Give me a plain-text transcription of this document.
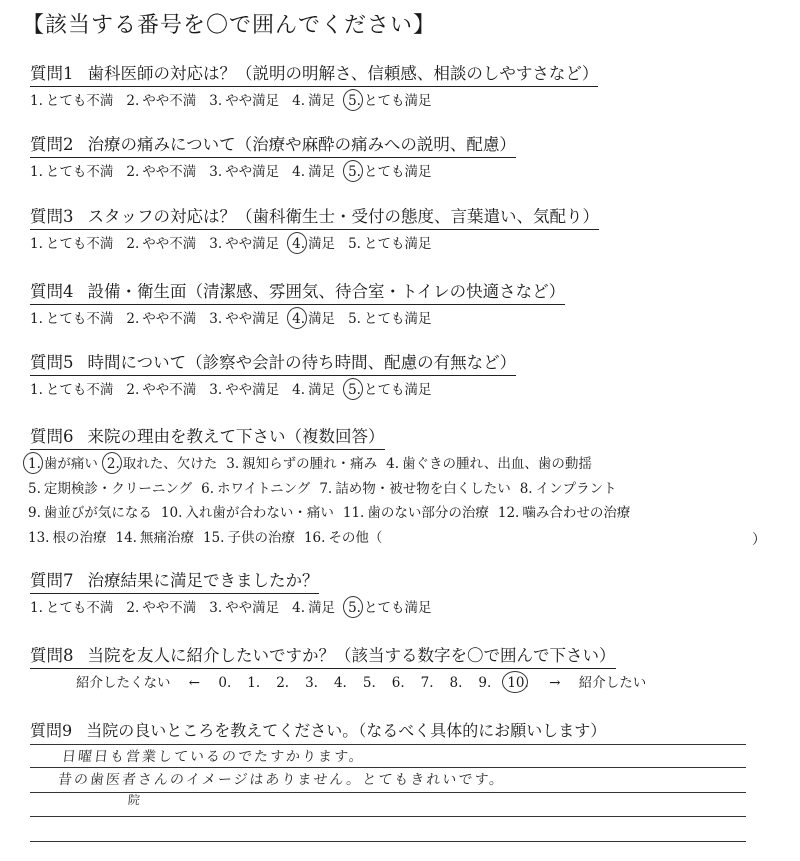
【該当する番号を〇で囲んでください】
質問1 歯科医師の対応は？（説明の明解さ、信頼感、相談のしやすさなど）
1. とても不満 2. やや不満 3. やや満足 4. 満足 5. とても満足
質問2 治療の痛みについて（治療や麻酔の痛みへの説明、配慮）
1. とても不満 2. やや不満 3. やや満足 4. 満足 5. とても満足
質問3 スタッフの対応は？（歯科衛生士・受付の態度、言葉遣い、気配り）
1. とても不満 2. やや不満 3. やや満足 4. 満足 5. とても満足
質問4 設備・衛生面（清潔感、雰囲気、待合室・トイレの快適さなど）
1. とても不満 2. やや不満 3. やや満足 4. 満足 5. とても満足
質問5 時間について（診察や会計の待ち時間、配慮の有無など）
1. とても不満 2. やや不満 3. やや満足 4. 満足 5. とても満足
質問6 来院の理由を教えて下さい（複数回答）
1. 歯が痛い 2. 取れた、欠けた 3. 親知らずの腫れ・痛み 4. 歯ぐきの腫れ、出血、歯の動揺
5. 定期検診・クリーニング 6. ホワイトニング 7. 詰め物・被せ物を白くしたい 8. インプラント
9. 歯並びが気になる 10. 入れ歯が合わない・痛い 11. 歯のない部分の治療 12. 噛み合わせの治療
13. 根の治療 14. 無痛治療 15. 子供の治療 16. その他（	）
質問7 治療結果に満足できましたか？
1. とても不満 2. やや不満 3. やや満足 4. 満足 5. とても満足
質問8 当院を友人に紹介したいですか？（該当する数字を〇で囲んで下さい）
紹介したくない ← 0. 1. 2. 3. 4. 5. 6. 7. 8. 9. 10. → 紹介したい
質問9 当院の良いところを教えてください。（なるべく具体的にお願いします）
日曜日も営業しているのでたすかります。
昔の歯医者さんのイメージはありません。とてもきれいです。
院
